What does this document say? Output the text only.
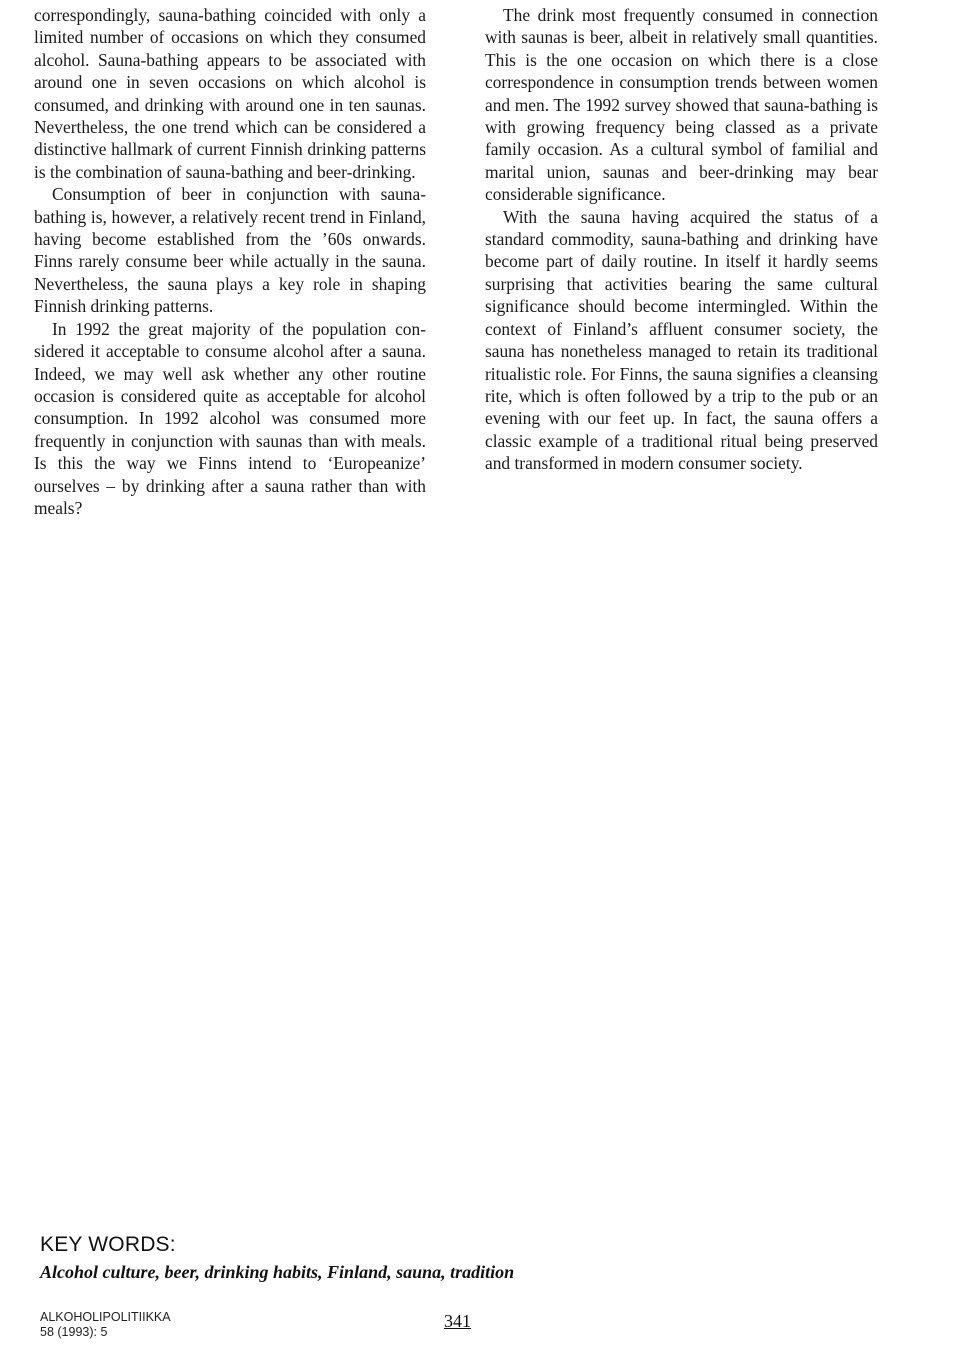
correspondingly, sauna-bathing coincided with only a limited number of occasions on which they consumed alcohol. Sauna-bathing appears to be associated with around one in seven occasions on which alcohol is consumed, and drinking with around one in ten saunas. Nevertheless, the one trend which can be considered a distinctive hallmark of current Finnish drinking patterns is the combination of sauna-bathing and beer-drinking.

Consumption of beer in conjunction with saunabathing is, however, a relatively recent trend in Finland, having become established from the ’60s onwards. Finns rarely consume beer while actually in the sauna. Nevertheless, the sauna plays a key role in shaping Finnish drinking patterns.

In 1992 the great majority of the population considered it acceptable to consume alcohol after a sauna. Indeed, we may well ask whether any other routine occasion is considered quite as acceptable for alcohol consumption. In 1992 alcohol was consumed more frequently in conjunction with saunas than with meals. Is this the way we Finns intend to ‘Europeanize’ ourselves – by drinking after a sauna rather than with meals?

The drink most frequently consumed in connection with saunas is beer, albeit in relatively small quantities. This is the one occasion on which there is a close correspondence in consumption trends between women and men. The 1992 survey showed that sauna-bathing is with growing frequency being classed as a private family occasion. As a cultural symbol of familial and marital union, saunas and beer-drinking may bear considerable significance.

With the sauna having acquired the status of a standard commodity, sauna-bathing and drinking have become part of daily routine. In itself it hardly seems surprising that activities bearing the same cultural significance should become intermingled. Within the context of Finland’s affluent consumer society, the sauna has nonetheless managed to retain its traditional ritualistic role. For Finns, the sauna signifies a cleansing rite, which is often followed by a trip to the pub or an evening with our feet up. In fact, the sauna offers a classic example of a traditional ritual being preserved and transformed in modern consumer society.

KEY WORDS:
Alcohol culture, beer, drinking habits, Finland, sauna, tradition
ALKOHOLIPOLITIIKKA
58 (1993): 5
341
